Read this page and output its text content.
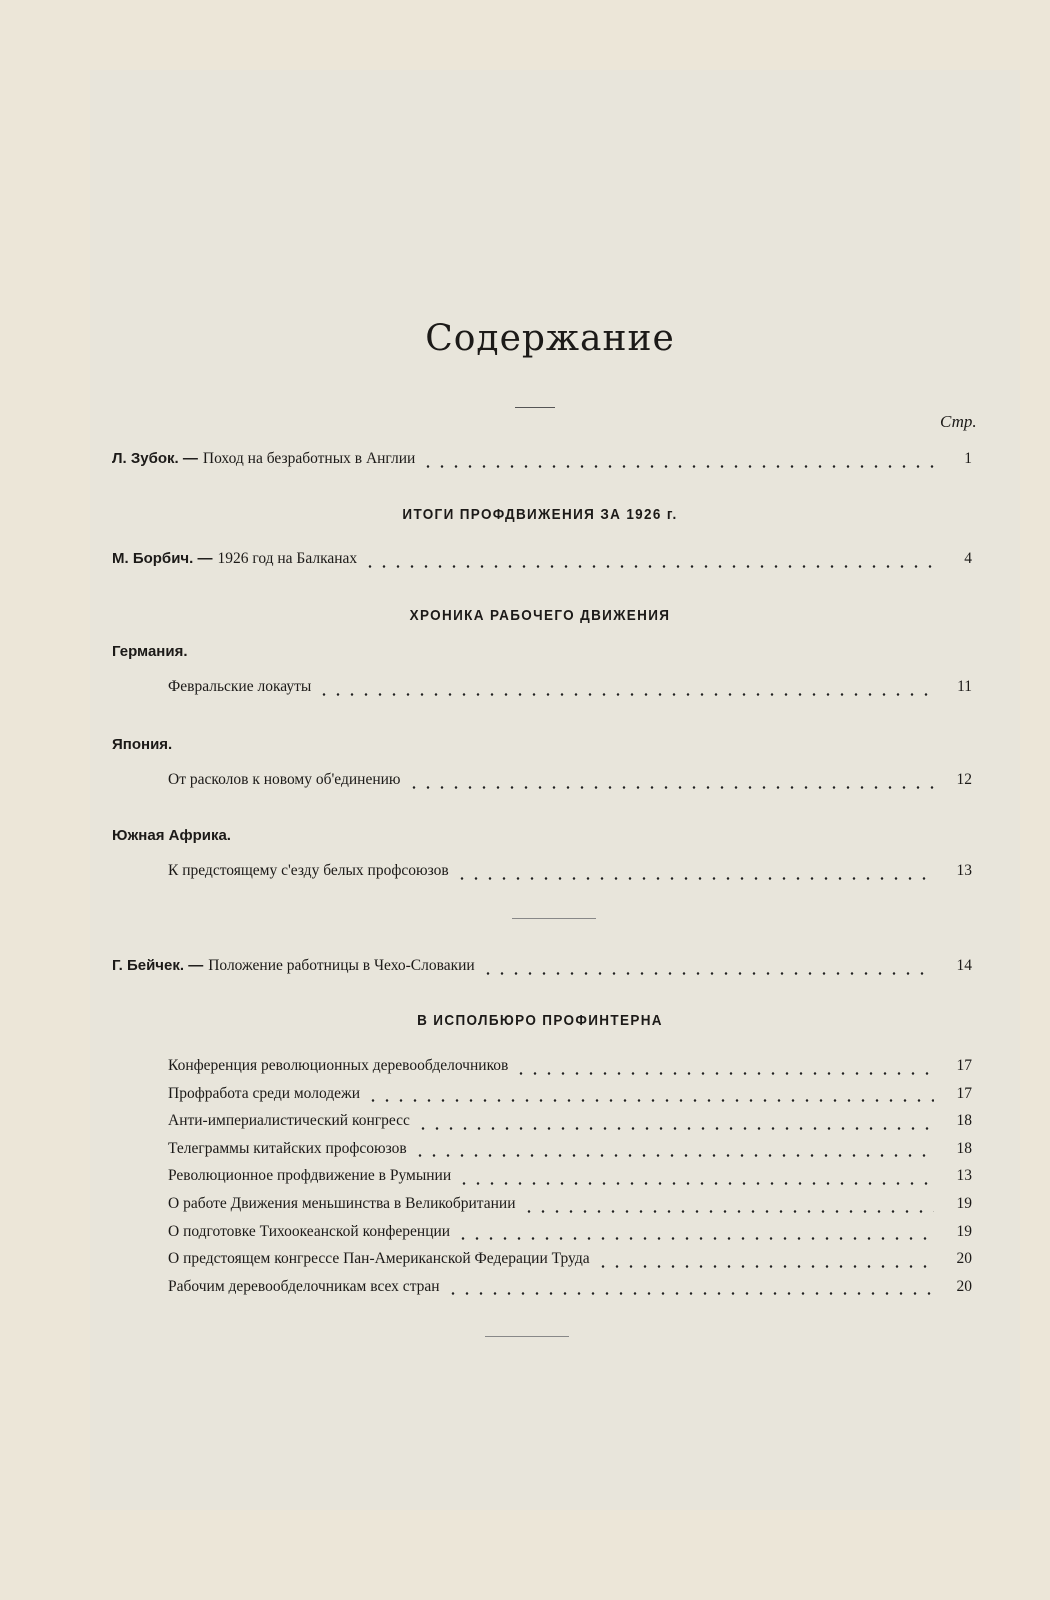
Содержание
Стр.
Л. Зубок. — Поход на безработных в Англии	1
ИТОГИ ПРОФДВИЖЕНИЯ ЗА 1926 г.
М. Борбич. — 1926 год на Балканах	4
ХРОНИКА РАБОЧЕГО ДВИЖЕНИЯ
Германия.
Февральские локауты	11
Япония.
От расколов к новому об'единению	12
Южная Африка.
К предстоящему с'езду белых профсоюзов	13
Г. Бейчек. — Положение работницы в Чехо-Словакии	14
В ИСПОЛБЮРО ПРОФИНТЕРНА
Конференция революционных деревообделочников	17
Профработа среди молодежи	17
Анти-империалистический конгресс	18
Телеграммы китайских профсоюзов	18
Революционное профдвижение в Румынии	13
О работе Движения меньшинства в Великобритании	19
О подготовке Тихоокеанской конференции	19
О предстоящем конгрессе Пан-Американской Федерации Труда	20
Рабочим деревообделочникам всех стран	20
